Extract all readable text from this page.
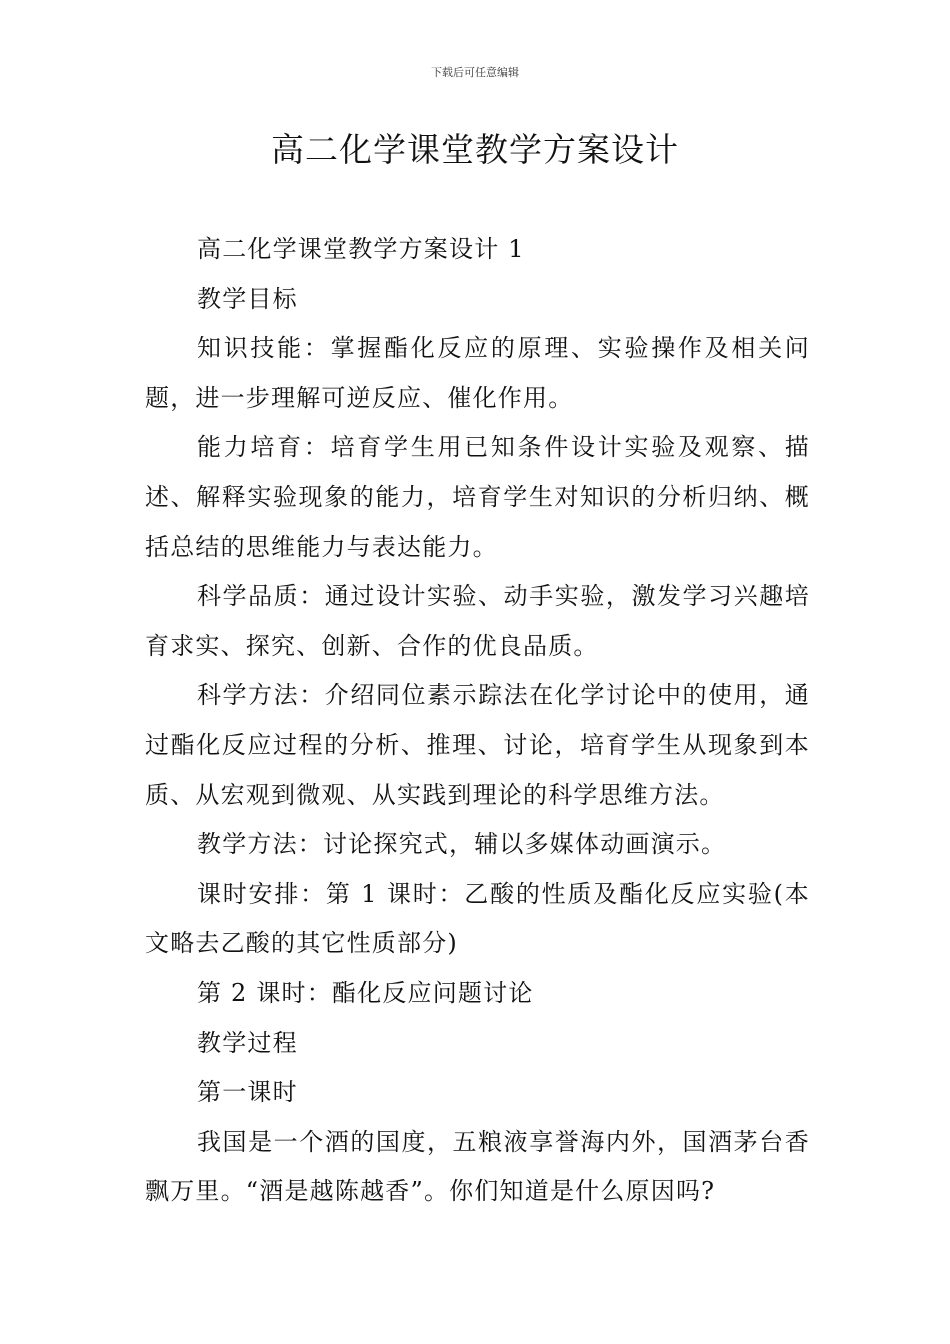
下载后可任意编辑
高二化学课堂教学方案设计

高二化学课堂教学方案设计 1

教学目标

知识技能：掌握酯化反应的原理、实验操作及相关问题，进一步理解可逆反应、催化作用。

能力培育：培育学生用已知条件设计实验及观察、描述、解释实验现象的能力，培育学生对知识的分析归纳、概括总结的思维能力与表达能力。

科学品质：通过设计实验、动手实验，激发学习兴趣培育求实、探究、创新、合作的优良品质。

科学方法：介绍同位素示踪法在化学讨论中的使用，通过酯化反应过程的分析、推理、讨论，培育学生从现象到本质、从宏观到微观、从实践到理论的科学思维方法。

教学方法：讨论探究式，辅以多媒体动画演示。

课时安排：第 1 课时：乙酸的性质及酯化反应实验(本文略去乙酸的其它性质部分)

第 2 课时：酯化反应问题讨论

教学过程

第一课时

我国是一个酒的国度，五粮液享誉海内外，国酒茅台香飘万里。“酒是越陈越香”。你们知道是什么原因吗?
